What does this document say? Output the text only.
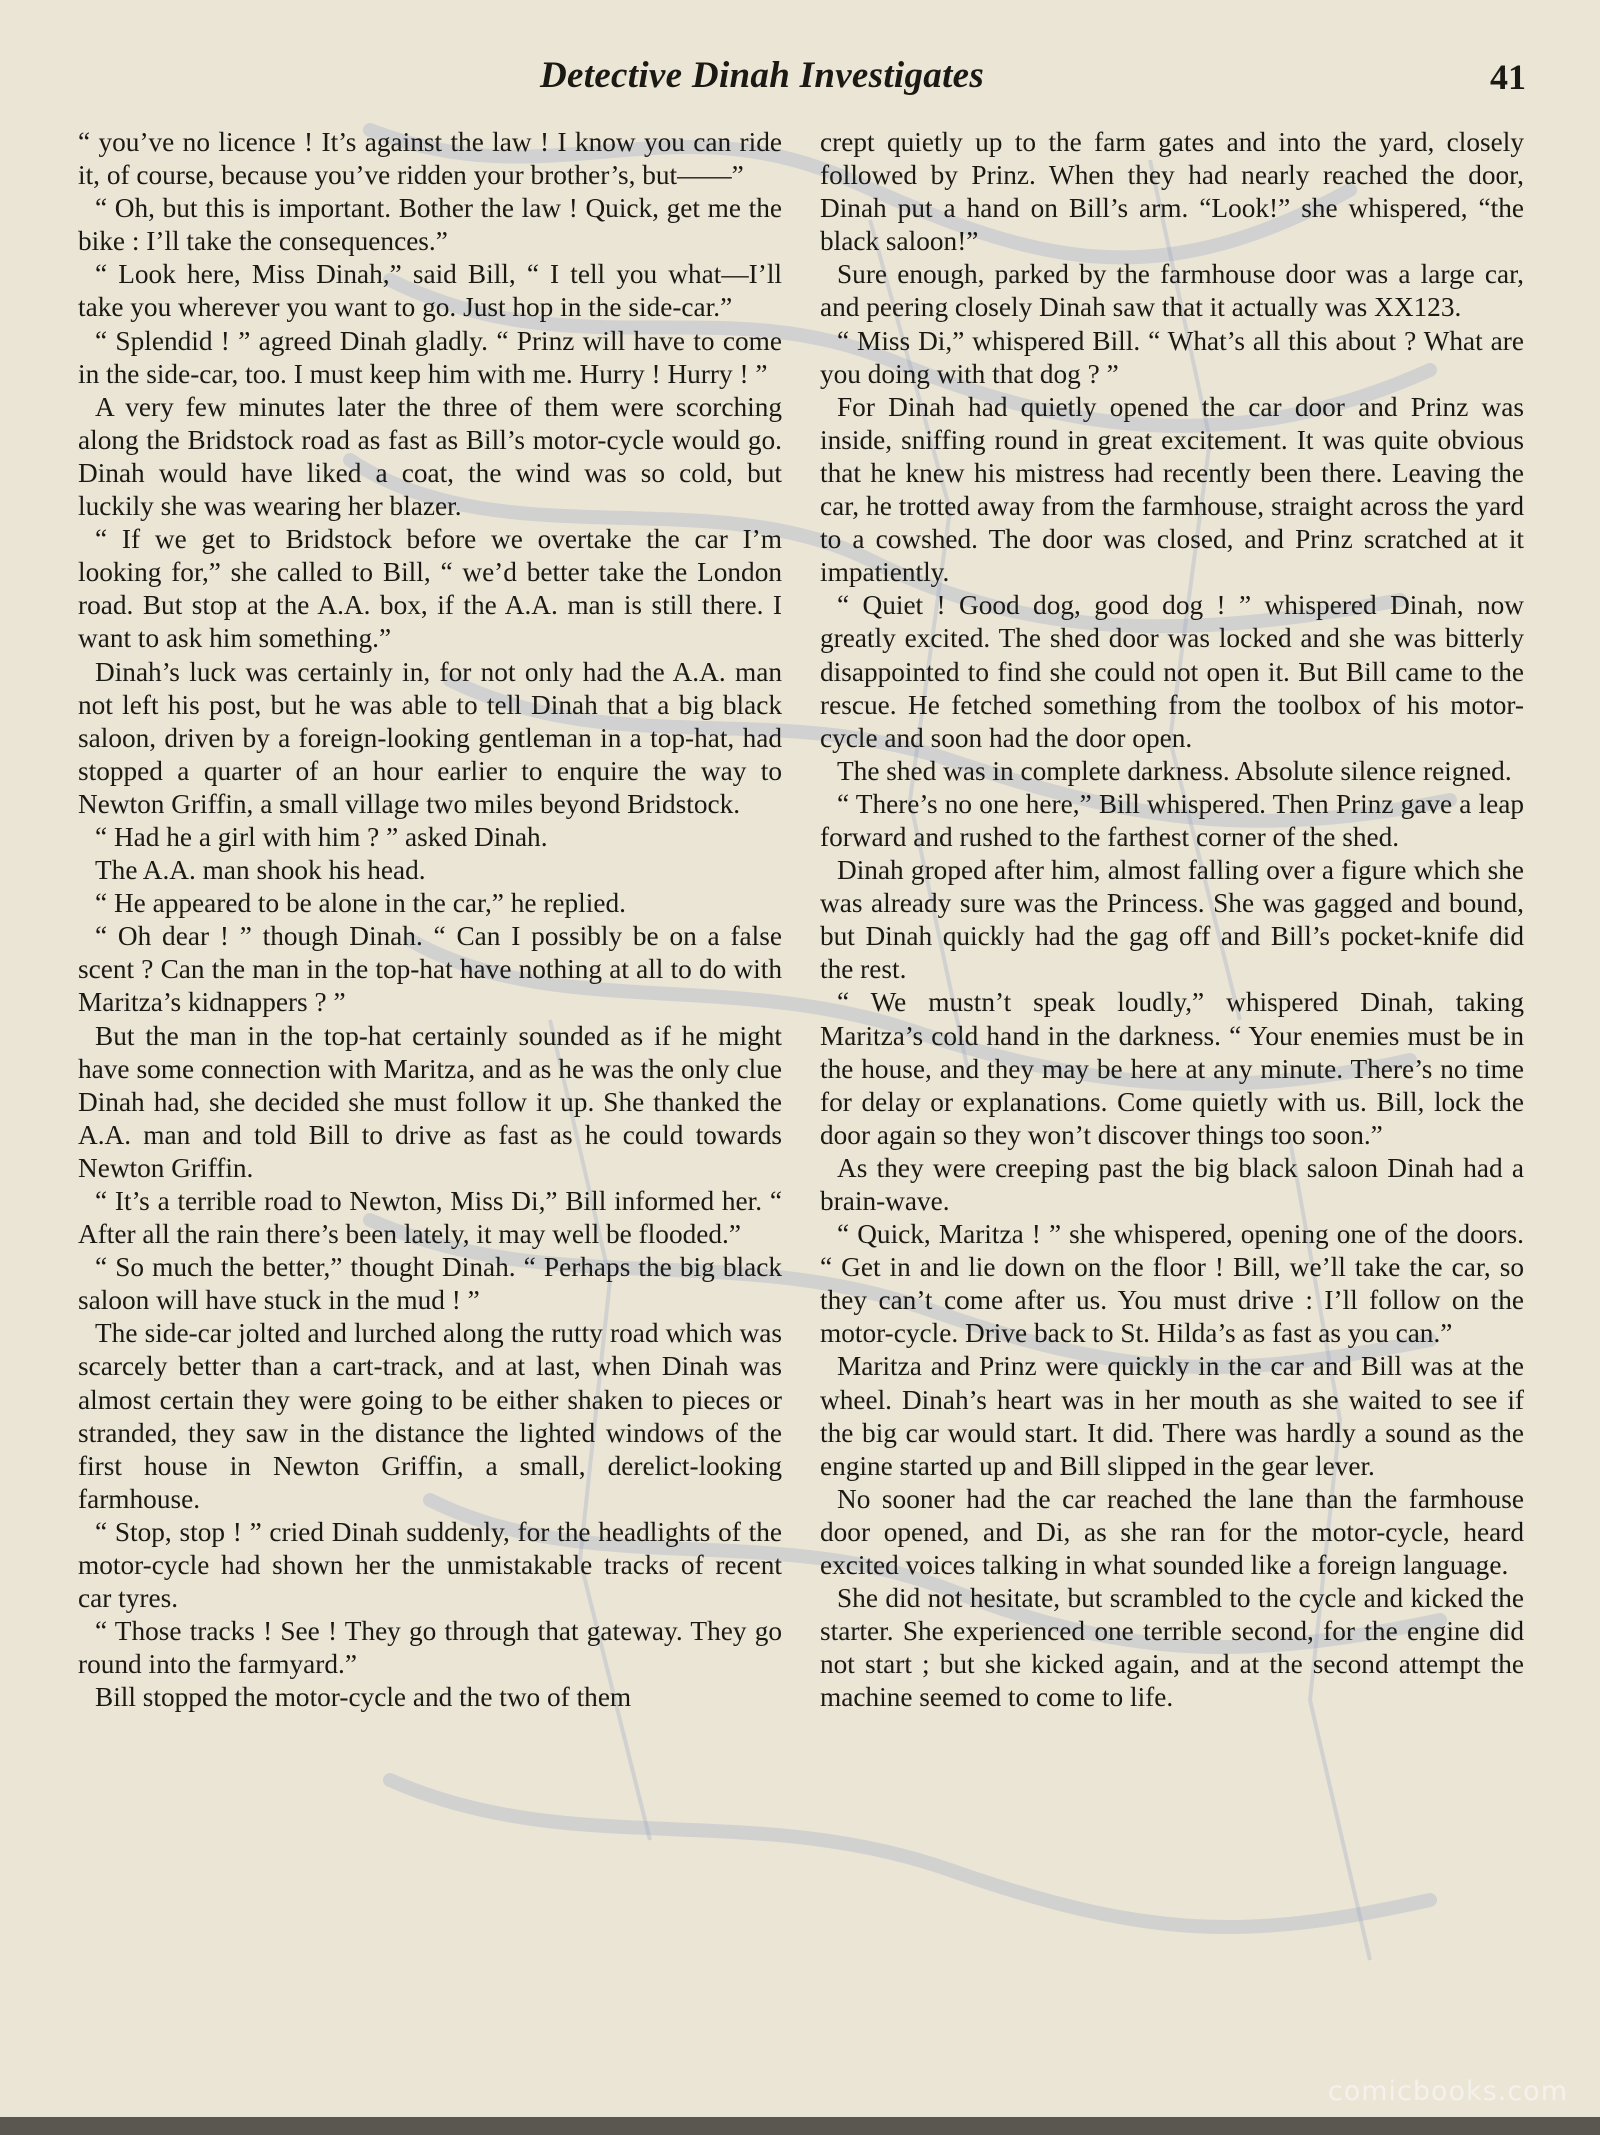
Detective Dinah Investigates	41

“ you’ve no licence ! It’s against the law ! I know you can ride it, of course, because you’ve ridden your brother’s, but——”

“ Oh, but this is important. Bother the law ! Quick, get me the bike : I’ll take the consequences.”

“ Look here, Miss Dinah,” said Bill, “ I tell you what—I’ll take you wherever you want to go. Just hop in the side-car.”

“ Splendid ! ” agreed Dinah gladly. “ Prinz will have to come in the side-car, too. I must keep him with me. Hurry ! Hurry ! ”

A very few minutes later the three of them were scorching along the Bridstock road as fast as Bill’s motor-cycle would go. Dinah would have liked a coat, the wind was so cold, but luckily she was wearing her blazer.

“ If we get to Bridstock before we overtake the car I’m looking for,” she called to Bill, “ we’d better take the London road. But stop at the A.A. box, if the A.A. man is still there. I want to ask him something.”

Dinah’s luck was certainly in, for not only had the A.A. man not left his post, but he was able to tell Dinah that a big black saloon, driven by a foreign-looking gentleman in a top-hat, had stopped a quarter of an hour earlier to enquire the way to Newton Griffin, a small village two miles beyond Bridstock.

“ Had he a girl with him ? ” asked Dinah.

The A.A. man shook his head.

“ He appeared to be alone in the car,” he replied.

“ Oh dear ! ” though Dinah. “ Can I possibly be on a false scent ? Can the man in the top-hat have nothing at all to do with Maritza’s kidnappers ? ”

But the man in the top-hat certainly sounded as if he might have some connection with Maritza, and as he was the only clue Dinah had, she decided she must follow it up. She thanked the A.A. man and told Bill to drive as fast as he could towards Newton Griffin.

“ It’s a terrible road to Newton, Miss Di,” Bill informed her. “ After all the rain there’s been lately, it may well be flooded.”

“ So much the better,” thought Dinah. “ Perhaps the big black saloon will have stuck in the mud ! ”

The side-car jolted and lurched along the rutty road which was scarcely better than a cart-track, and at last, when Dinah was almost certain they were going to be either shaken to pieces or stranded, they saw in the distance the lighted windows of the first house in Newton Griffin, a small, derelict-looking farmhouse.

“ Stop, stop ! ” cried Dinah suddenly, for the headlights of the motor-cycle had shown her the unmistakable tracks of recent car tyres.

“ Those tracks ! See ! They go through that gateway. They go round into the farmyard.”

Bill stopped the motor-cycle and the two of them

crept quietly up to the farm gates and into the yard, closely followed by Prinz. When they had nearly reached the door, Dinah put a hand on Bill’s arm. “Look!” she whispered, “the black saloon!”

Sure enough, parked by the farmhouse door was a large car, and peering closely Dinah saw that it actually was XX123.

“ Miss Di,” whispered Bill. “ What’s all this about ? What are you doing with that dog ? ”

For Dinah had quietly opened the car door and Prinz was inside, sniffing round in great excitement. It was quite obvious that he knew his mistress had recently been there. Leaving the car, he trotted away from the farmhouse, straight across the yard to a cowshed. The door was closed, and Prinz scratched at it impatiently.

“ Quiet ! Good dog, good dog ! ” whispered Dinah, now greatly excited. The shed door was locked and she was bitterly disappointed to find she could not open it. But Bill came to the rescue. He fetched something from the toolbox of his motor-cycle and soon had the door open.

The shed was in complete darkness. Absolute silence reigned.

“ There’s no one here,” Bill whispered. Then Prinz gave a leap forward and rushed to the farthest corner of the shed.

Dinah groped after him, almost falling over a figure which she was already sure was the Princess. She was gagged and bound, but Dinah quickly had the gag off and Bill’s pocket-knife did the rest.

“ We mustn’t speak loudly,” whispered Dinah, taking Maritza’s cold hand in the darkness. “ Your enemies must be in the house, and they may be here at any minute. There’s no time for delay or explanations. Come quietly with us. Bill, lock the door again so they won’t discover things too soon.”

As they were creeping past the big black saloon Dinah had a brain-wave.

“ Quick, Maritza ! ” she whispered, opening one of the doors. “ Get in and lie down on the floor ! Bill, we’ll take the car, so they can’t come after us. You must drive : I’ll follow on the motor-cycle. Drive back to St. Hilda’s as fast as you can.”

Maritza and Prinz were quickly in the car and Bill was at the wheel. Dinah’s heart was in her mouth as she waited to see if the big car would start. It did. There was hardly a sound as the engine started up and Bill slipped in the gear lever.

No sooner had the car reached the lane than the farmhouse door opened, and Di, as she ran for the motor-cycle, heard excited voices talking in what sounded like a foreign language.

She did not hesitate, but scrambled to the cycle and kicked the starter. She experienced one terrible second, for the engine did not start ; but she kicked again, and at the second attempt the machine seemed to come to life.

comicbooks.com
